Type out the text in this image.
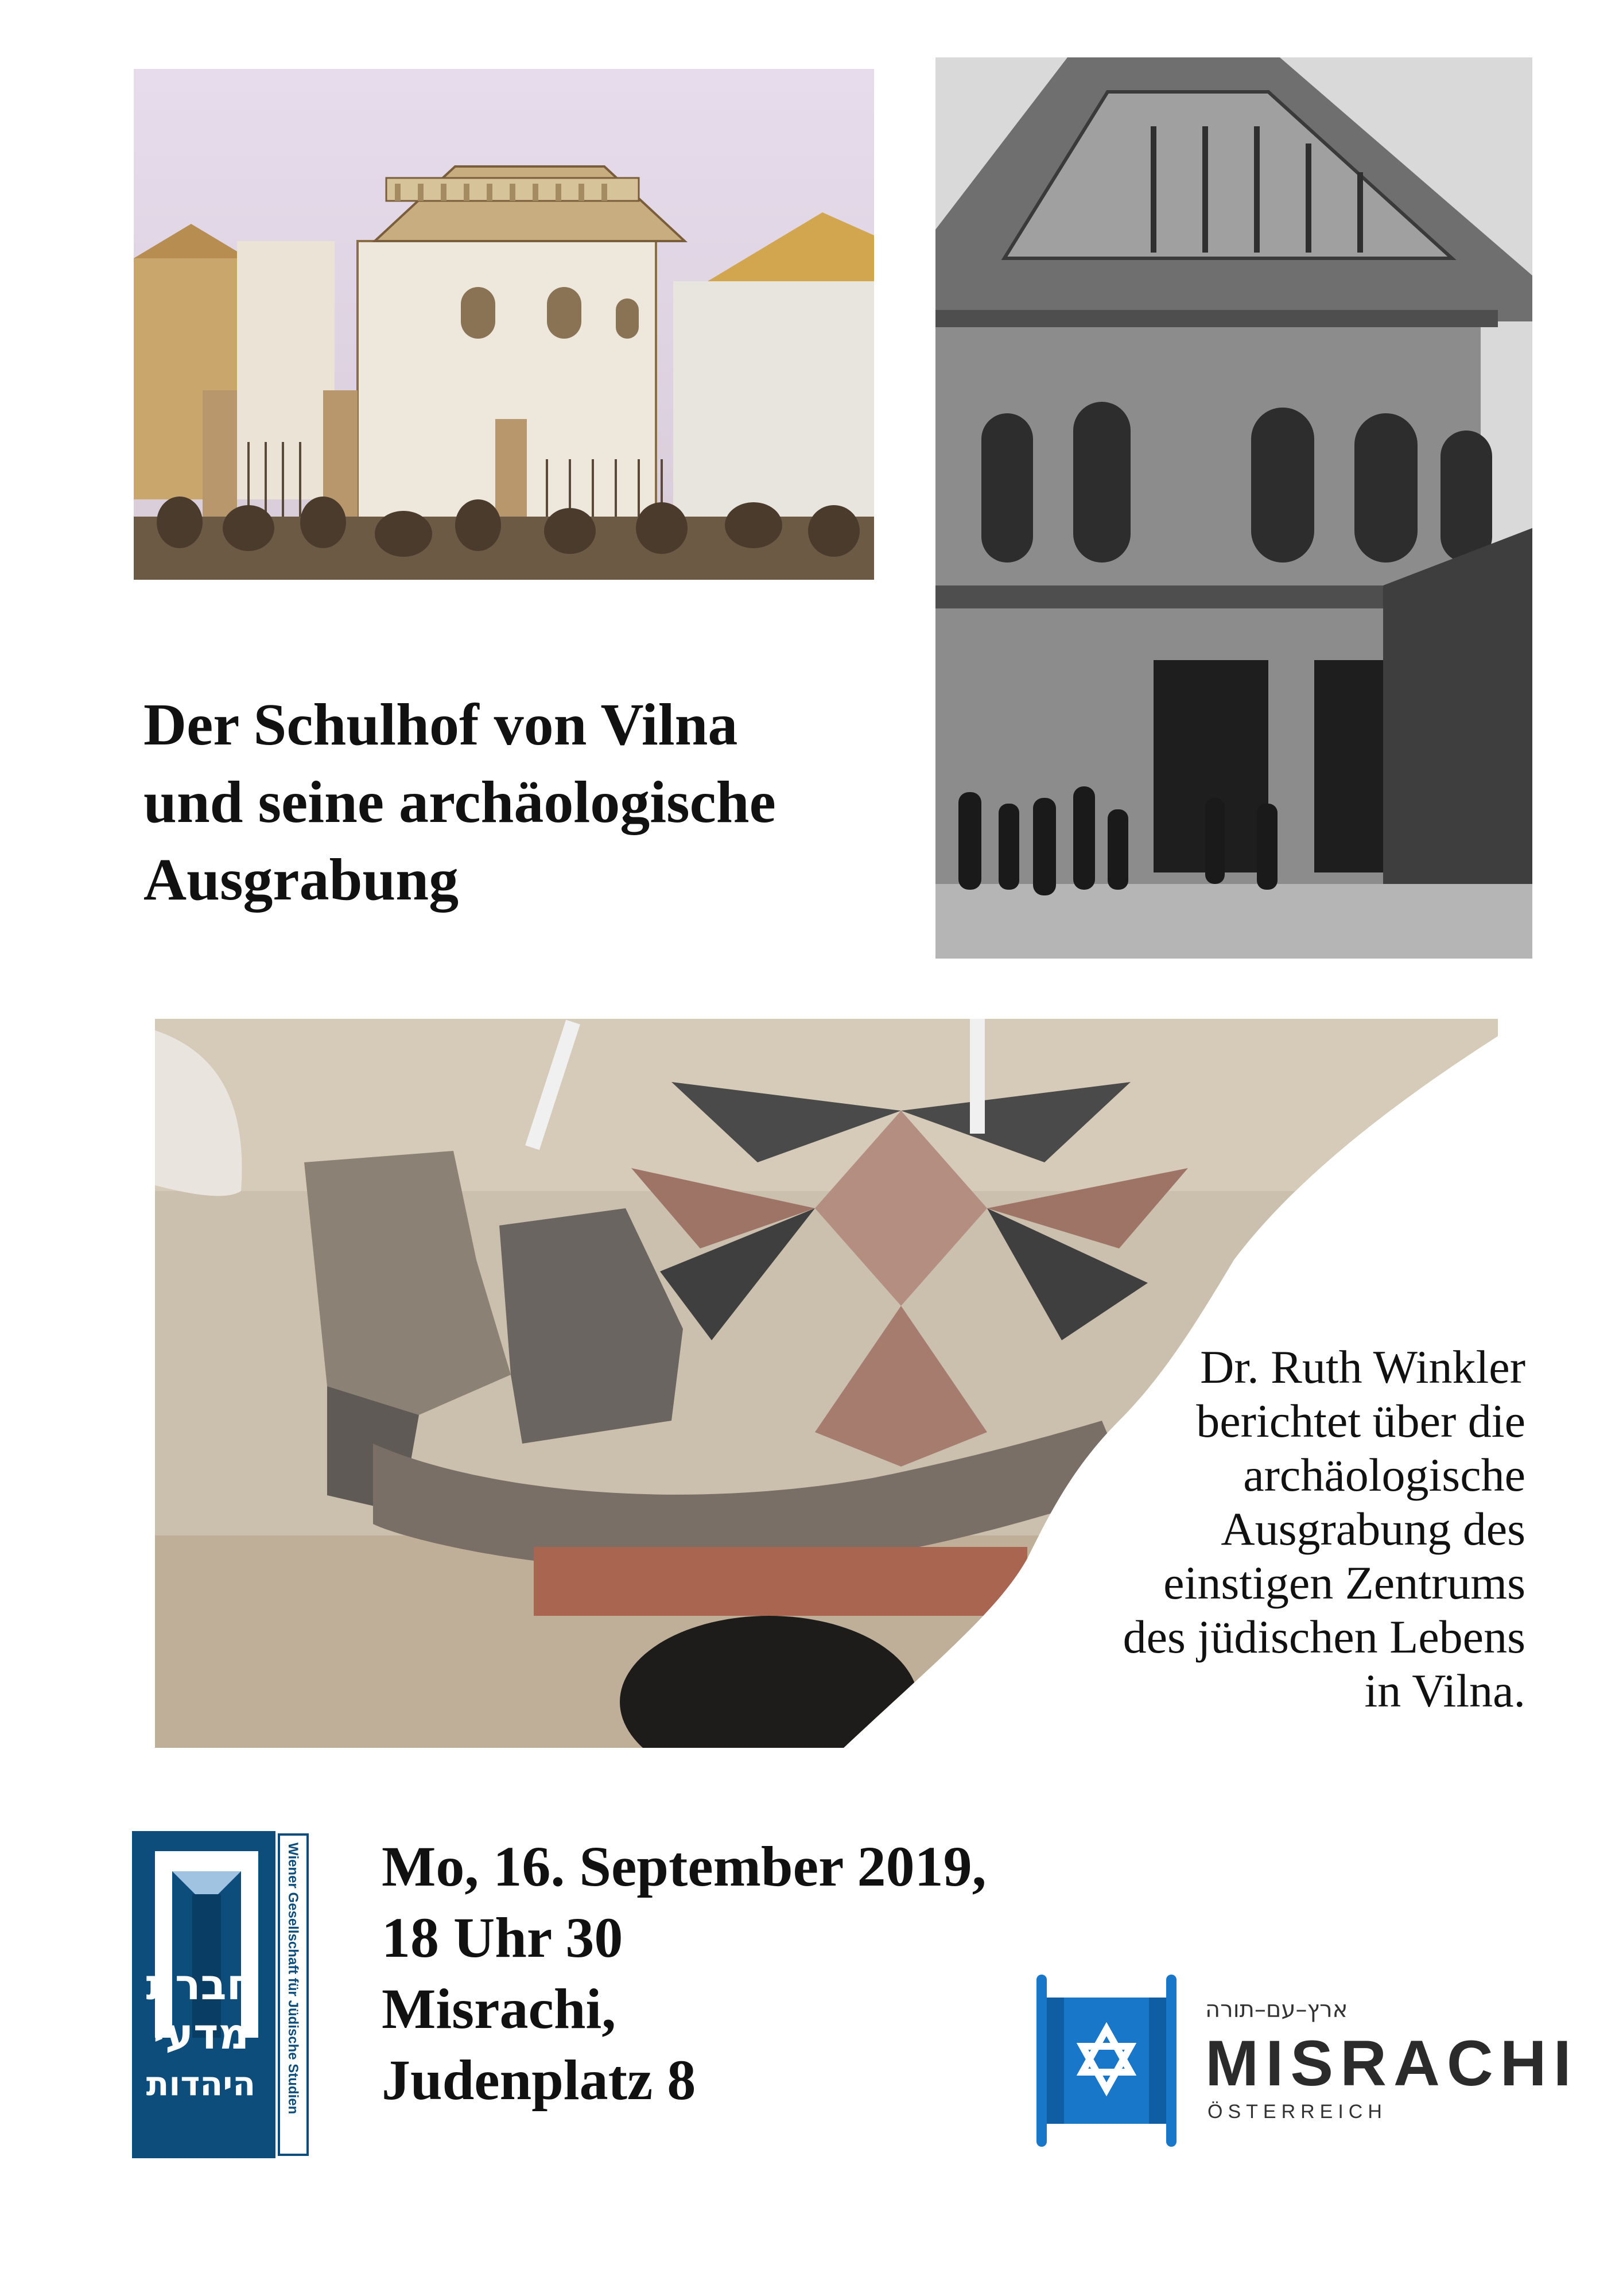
Der Schulhof von Vilna
und seine archäologische
Ausgrabung
Dr. Ruth Winkler
berichtet über die
archäologische
Ausgrabung des
einstigen Zentrums
des jüdischen Lebens
in Vilna.
Mo, 16. September 2019,
18 Uhr 30
Misrachi,
Judenplatz 8
חברת
מדעי
היהדות	Wiener Gesellschaft für Jüdische Studien	ארץ–עם–תורה
MISRACHI
ÖSTERREICH
